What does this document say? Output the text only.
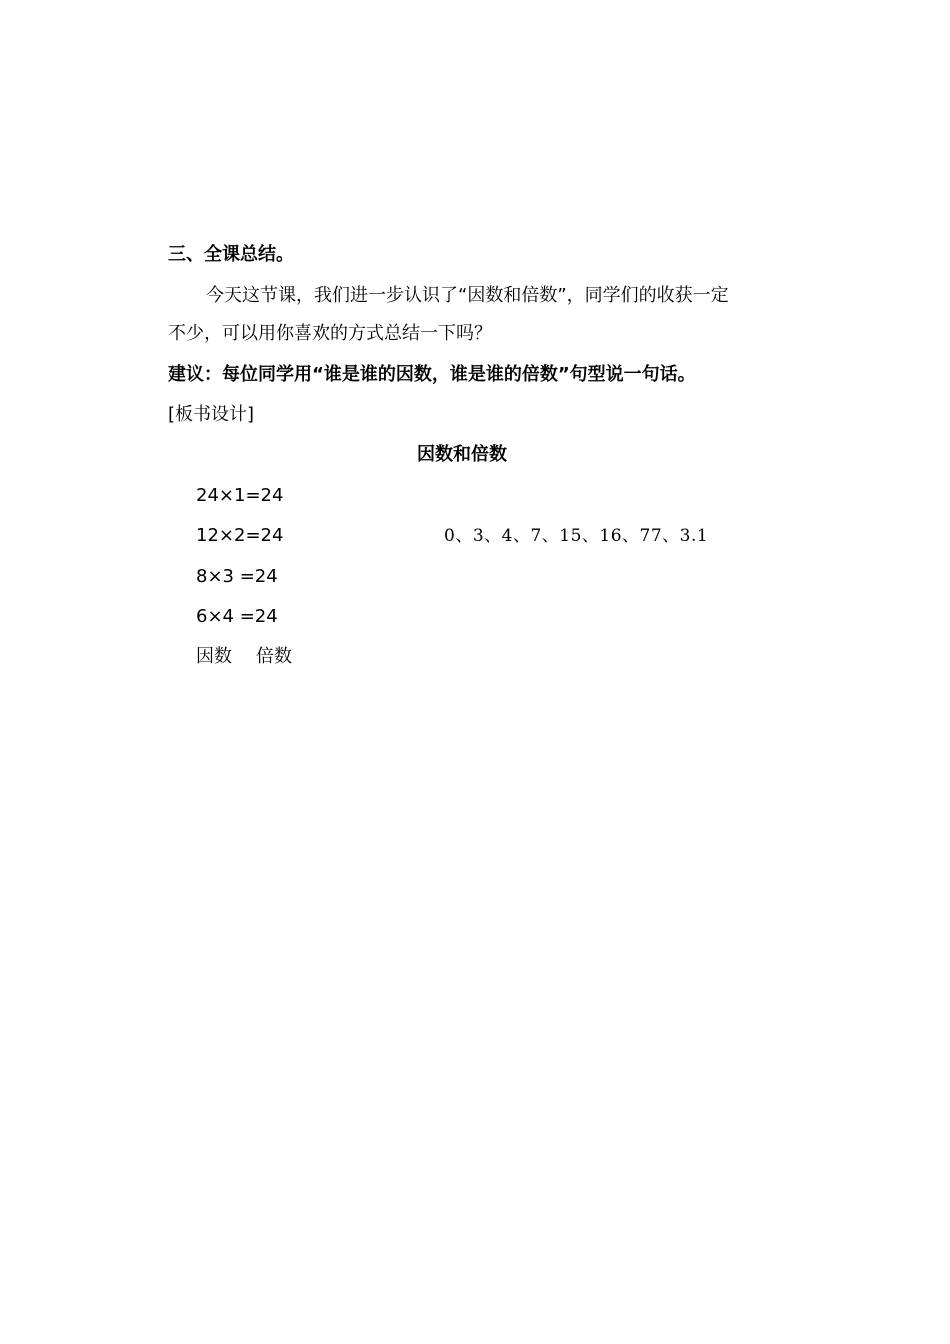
三、全课总结。
今天这节课，我们进一步认识了“因数和倍数”，同学们的收获一定
不少，可以用你喜欢的方式总结一下吗？
建议：每位同学用“谁是谁的因数，谁是谁的倍数”句型说一句话。
[板书设计]
因数和倍数
24×1=24
12×2=24
8×3 =24
6×4 =24
因数 倍数
0、3、4、7、15、16、77、3.1
